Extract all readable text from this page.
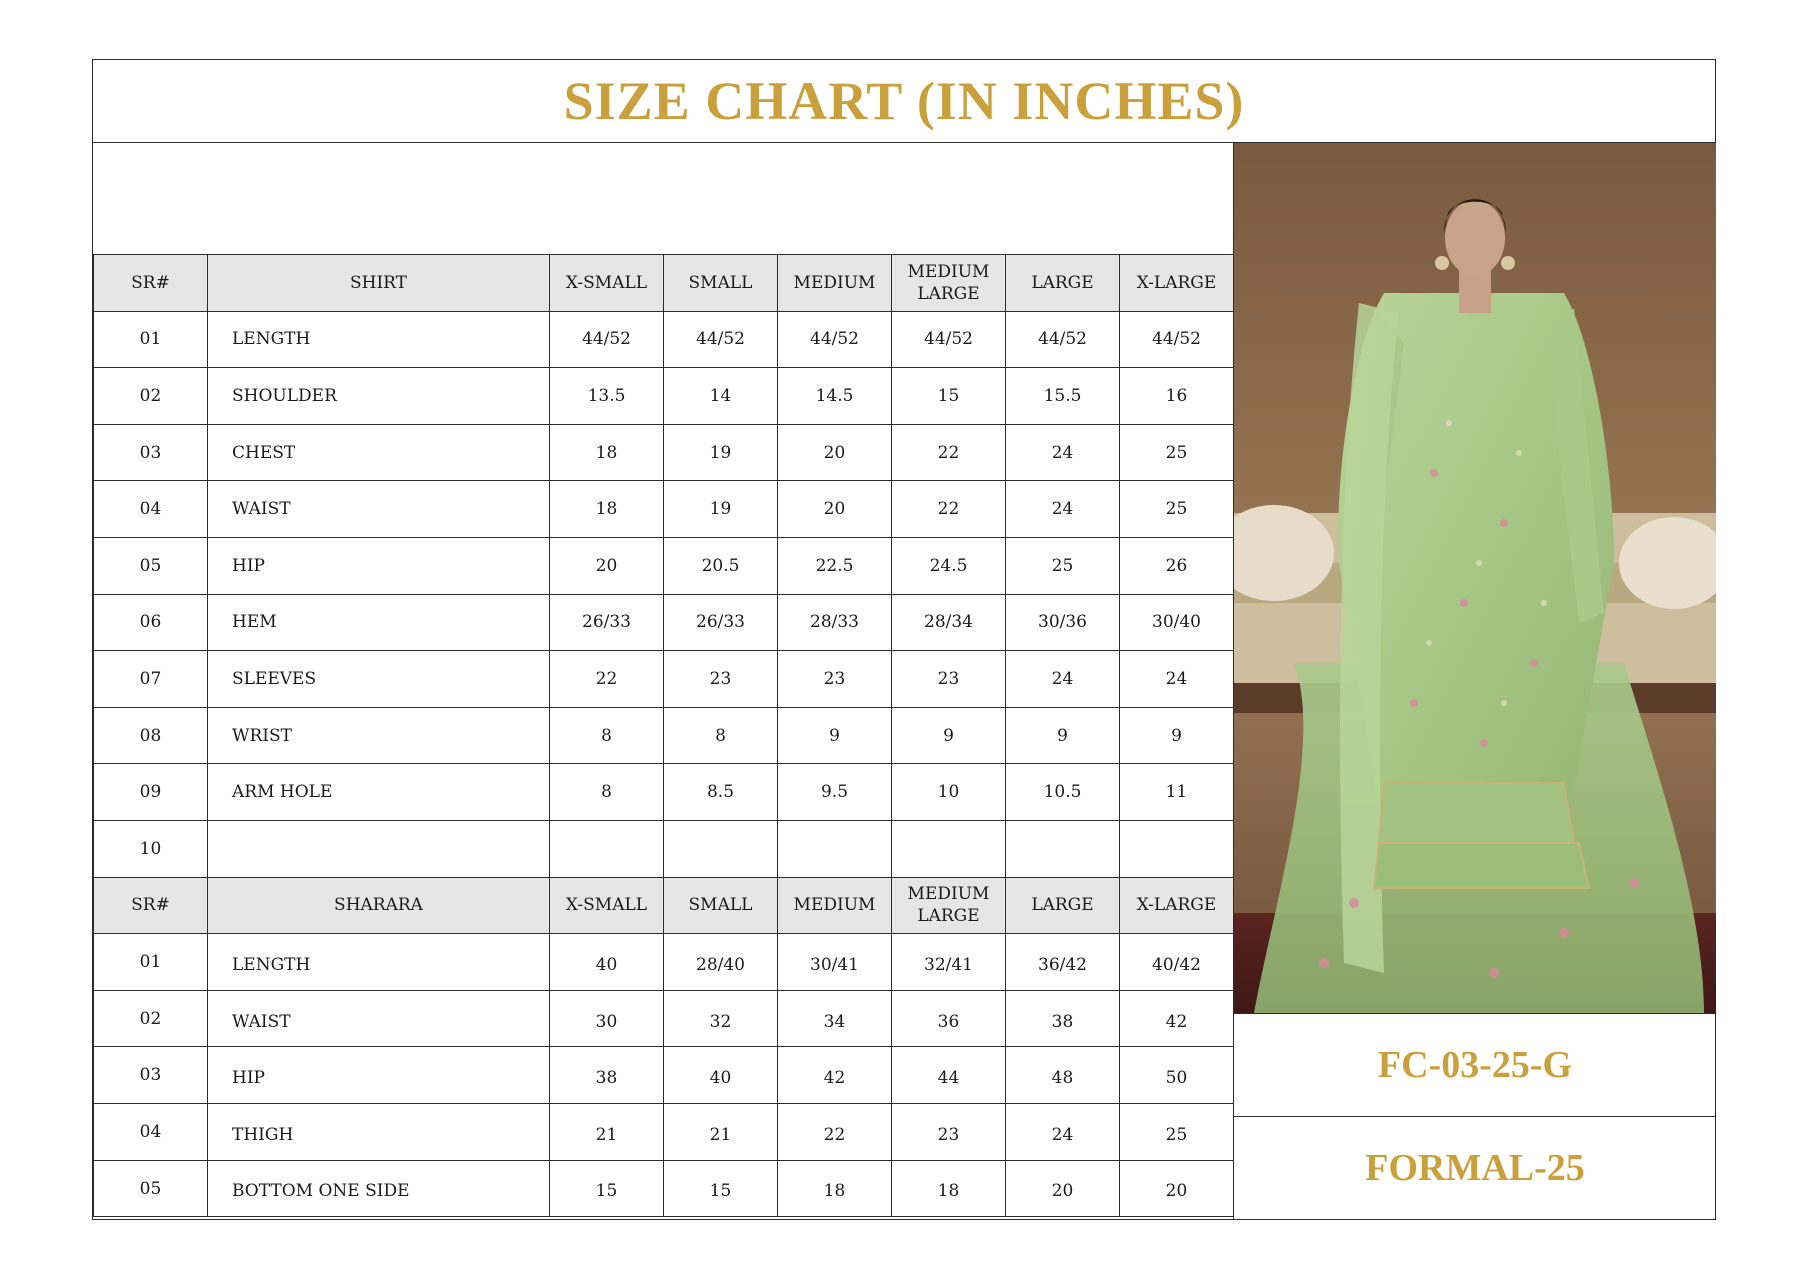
SIZE CHART (IN INCHES)
SR#	SHIRT	X-SMALL	SMALL	MEDIUM	MEDIUM LARGE	LARGE	X-LARGE
01	LENGTH	44/52	44/52	44/52	44/52	44/52	44/52
02	SHOULDER	13.5	14	14.5	15	15.5	16
03	CHEST	18	19	20	22	24	25
04	WAIST	18	19	20	22	24	25
05	HIP	20	20.5	22.5	24.5	25	26
06	HEM	26/33	26/33	28/33	28/34	30/36	30/40
07	SLEEVES	22	23	23	23	24	24
08	WRIST	8	8	9	9	9	9
09	ARM HOLE	8	8.5	9.5	10	10.5	11
10							
SR#	SHARARA	X-SMALL	SMALL	MEDIUM	MEDIUM LARGE	LARGE	X-LARGE
01	LENGTH	40	28/40	30/41	32/41	36/42	40/42
02	WAIST	30	32	34	36	38	42
03	HIP	38	40	42	44	48	50
04	THIGH	21	21	22	23	24	25
05	BOTTOM ONE SIDE	15	15	18	18	20	20
FC-03-25-G
FORMAL-25
